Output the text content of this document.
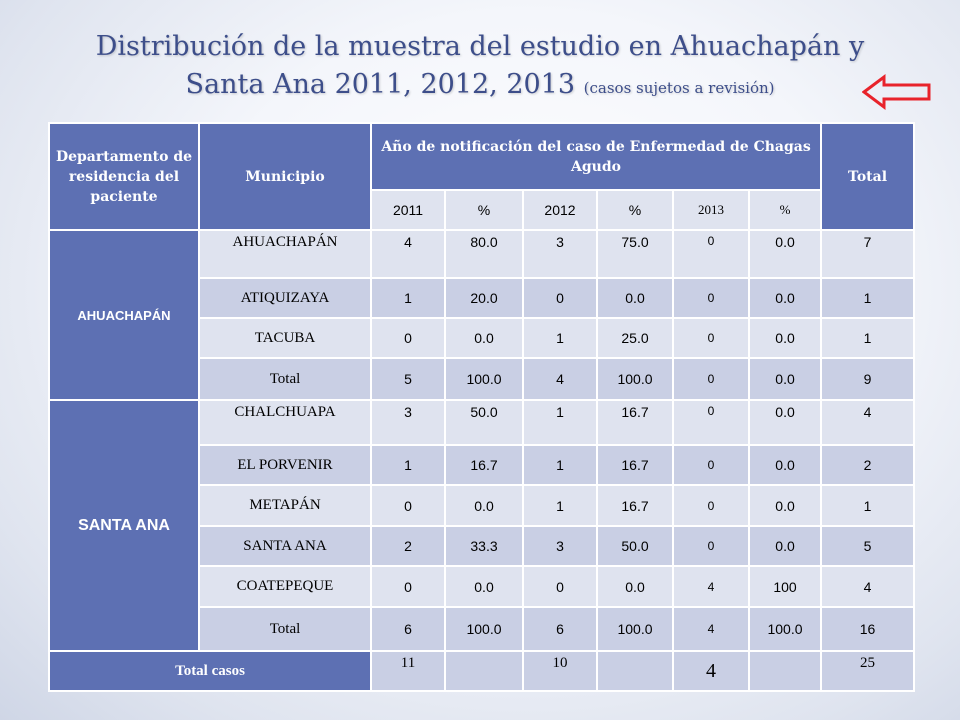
Distribución de la muestra del estudio en Ahuachapán y
Santa Ana 2011, 2012, 2013 (casos sujetos a revisión)
Departamento de residencia del paciente	Municipio	Año de notificación del caso de Enfermedad de Chagas Agudo						Total
		2011	%	2012	%	2013	%	
AHUACHAPÁN	AHUACHAPÁN	4	80.0	3	75.0	0	0.0	7
	ATIQUIZAYA	1	20.0	0	0.0	0	0.0	1
	TACUBA	0	0.0	1	25.0	0	0.0	1
	Total	5	100.0	4	100.0	0	0.0	9
SANTA ANA	CHALCHUAPA	3	50.0	1	16.7	0	0.0	4
	EL PORVENIR	1	16.7	1	16.7	0	0.0	2
	METAPÁN	0	0.0	1	16.7	0	0.0	1
	SANTA ANA	2	33.3	3	50.0	0	0.0	5
	COATEPEQUE	0	0.0	0	0.0	4	100	4
	Total	6	100.0	6	100.0	4	100.0	16
Total casos		11		10		4		25
